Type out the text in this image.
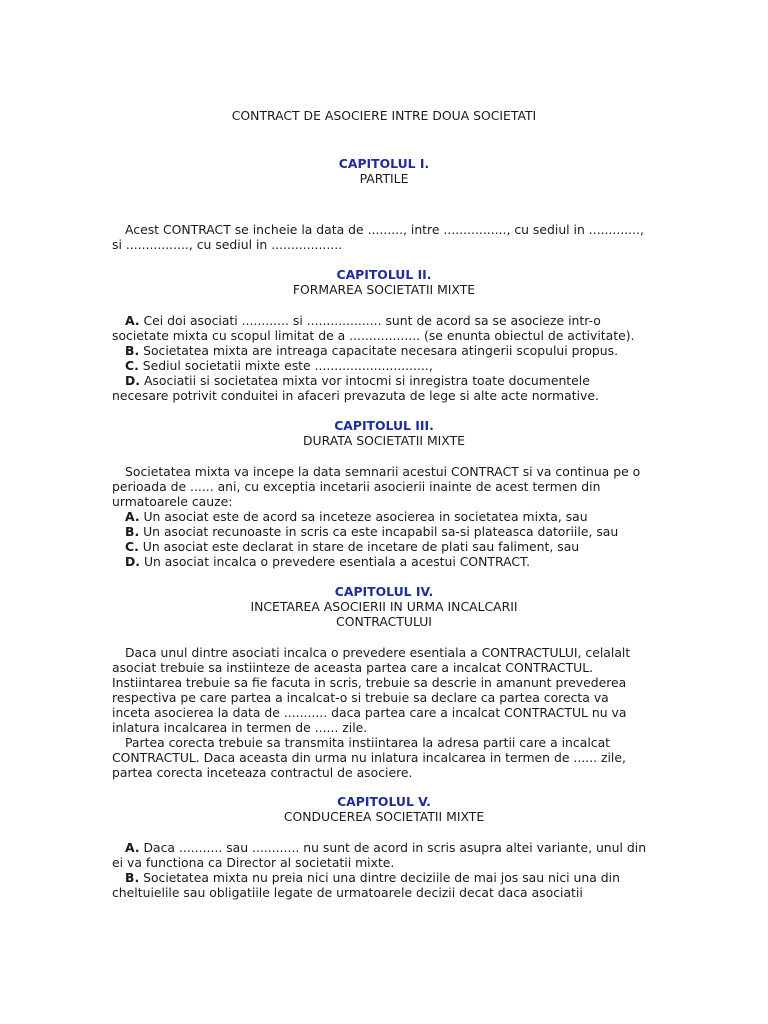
CONTRACT DE ASOCIERE INTRE DOUA SOCIETATI
CAPITOLUL I.
PARTILE
Acest CONTRACT se incheie la data de ........., intre ................, cu sediul in .............,
si ................, cu sediul in ..................
CAPITOLUL II.
FORMAREA SOCIETATII MIXTE
A. Cei doi asociati ............ si ................... sunt de acord sa se asocieze intr-o
societate mixta cu scopul limitat de a .................. (se enunta obiectul de activitate).
B. Societatea mixta are intreaga capacitate necesara atingerii scopului propus.
C. Sediul societatii mixte este .............................,
D. Asociatii si societatea mixta vor intocmi si inregistra toate documentele
necesare potrivit conduitei in afaceri prevazuta de lege si alte acte normative.
CAPITOLUL III.
DURATA SOCIETATII MIXTE
Societatea mixta va incepe la data semnarii acestui CONTRACT si va continua pe o
perioada de ...... ani, cu exceptia incetarii asocierii inainte de acest termen din
urmatoarele cauze:
A. Un asociat este de acord sa inceteze asocierea in societatea mixta, sau
B. Un asociat recunoaste in scris ca este incapabil sa-si plateasca datoriile, sau
C. Un asociat este declarat in stare de incetare de plati sau faliment, sau
D. Un asociat incalca o prevedere esentiala a acestui CONTRACT.
CAPITOLUL IV.
INCETAREA ASOCIERII IN URMA INCALCARII
CONTRACTULUI
Daca unul dintre asociati incalca o prevedere esentiala a CONTRACTULUI, celalalt
asociat trebuie sa instiinteze de aceasta partea care a incalcat CONTRACTUL.
Instiintarea trebuie sa fie facuta in scris, trebuie sa descrie in amanunt prevederea
respectiva pe care partea a incalcat-o si trebuie sa declare ca partea corecta va
inceta asocierea la data de ........... daca partea care a incalcat CONTRACTUL nu va
inlatura incalcarea in termen de ...... zile.
Partea corecta trebuie sa transmita instiintarea la adresa partii care a incalcat
CONTRACTUL. Daca aceasta din urma nu inlatura incalcarea in termen de ...... zile,
partea corecta inceteaza contractul de asociere.
CAPITOLUL V.
CONDUCEREA SOCIETATII MIXTE
A. Daca ........... sau ............ nu sunt de acord in scris asupra altei variante, unul din
ei va functiona ca Director al societatii mixte.
B. Societatea mixta nu preia nici una dintre deciziile de mai jos sau nici una din
cheltuielile sau obligatiile legate de urmatoarele decizii decat daca asociatii
